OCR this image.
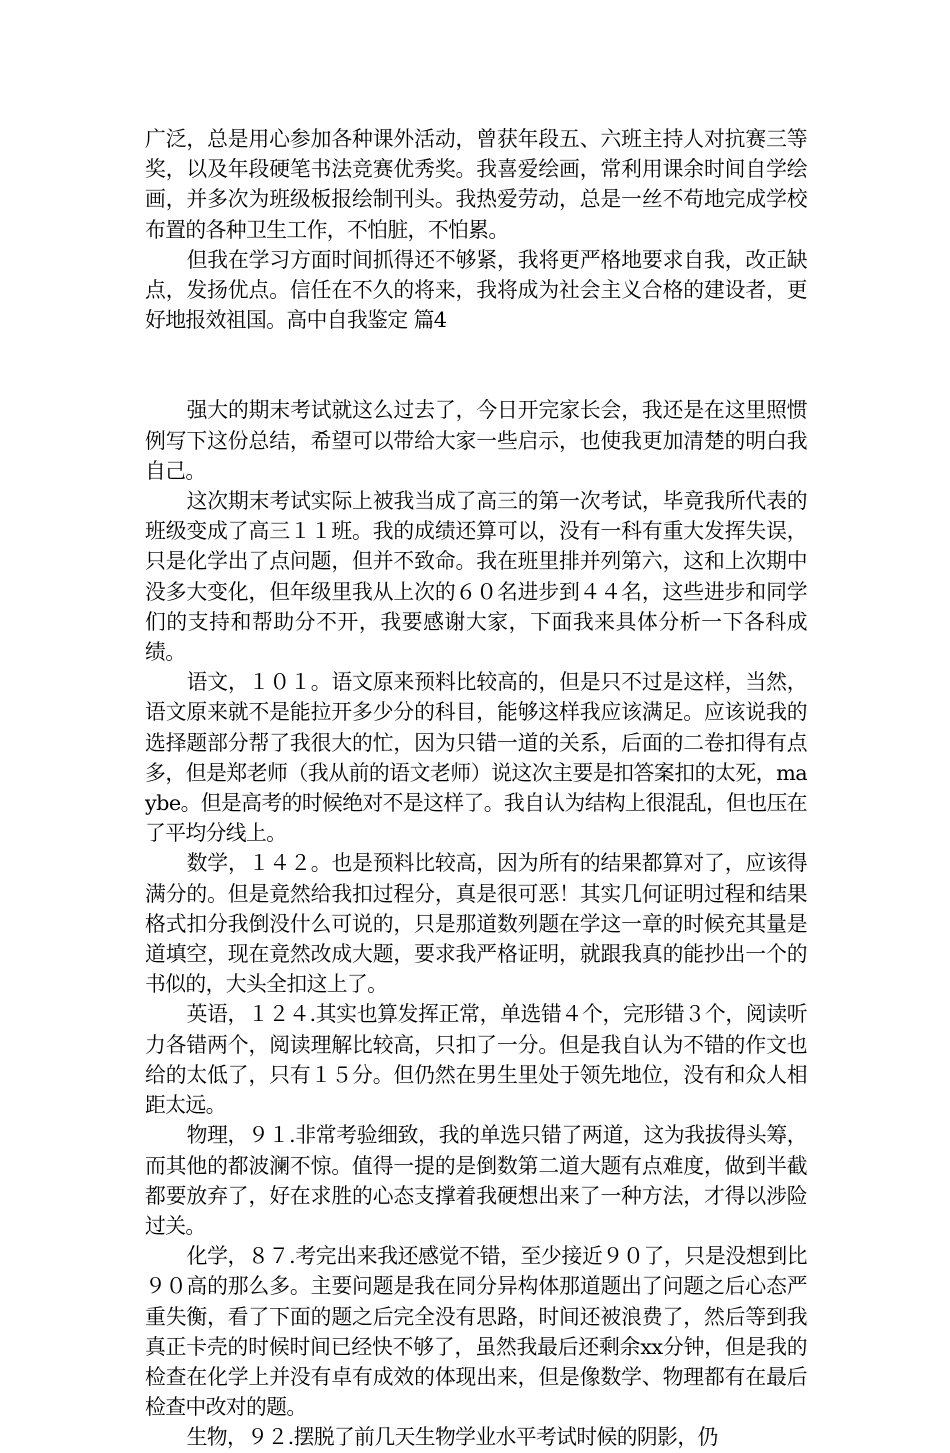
广泛，总是用心参加各种课外活动，曾获年段五、六班主持人对抗赛三等奖，以及年段硬笔书法竞赛优秀奖。我喜爱绘画，常利用课余时间自学绘画，并多次为班级板报绘制刊头。我热爱劳动，总是一丝不苟地完成学校布置的各种卫生工作，不怕脏，不怕累。

但我在学习方面时间抓得还不够紧，我将更严格地要求自我，改正缺点，发扬优点。信任在不久的将来，我将成为社会主义合格的建设者，更好地报效祖国。高中自我鉴定 篇4

强大的期末考试就这么过去了，今日开完家长会，我还是在这里照惯例写下这份总结，希望可以带给大家一些启示，也使我更加清楚的明白我自己。

这次期末考试实际上被我当成了高三的第一次考试，毕竟我所代表的班级变成了高三１１班。我的成绩还算可以，没有一科有重大发挥失误，只是化学出了点问题，但并不致命。我在班里排并列第六，这和上次期中没多大变化，但年级里我从上次的６０名进步到４４名，这些进步和同学们的支持和帮助分不开，我要感谢大家，下面我来具体分析一下各科成绩。

语文，１０１。语文原来预料比较高的，但是只不过是这样，当然，语文原来就不是能拉开多少分的科目，能够这样我应该满足。应该说我的选择题部分帮了我很大的忙，因为只错一道的关系，后面的二卷扣得有点多，但是郑老师（我从前的语文老师）说这次主要是扣答案扣的太死，maybe。但是高考的时候绝对不是这样了。我自认为结构上很混乱，但也压在了平均分线上。

数学，１４２。也是预料比较高，因为所有的结果都算对了，应该得满分的。但是竟然给我扣过程分，真是很可恶！其实几何证明过程和结果格式扣分我倒没什么可说的，只是那道数列题在学这一章的时候充其量是道填空，现在竟然改成大题，要求我严格证明，就跟我真的能抄出一个的书似的，大头全扣这上了。

英语，１２４.其实也算发挥正常，单选错４个，完形错３个，阅读听力各错两个，阅读理解比较高，只扣了一分。但是我自认为不错的作文也给的太低了，只有１５分。但仍然在男生里处于领先地位，没有和众人相距太远。

物理，９１.非常考验细致，我的单选只错了两道，这为我拔得头筹，而其他的都波澜不惊。值得一提的是倒数第二道大题有点难度，做到半截都要放弃了，好在求胜的心态支撑着我硬想出来了一种方法，才得以涉险过关。

化学，８７.考完出来我还感觉不错，至少接近９０了，只是没想到比９０高的那么多。主要问题是我在同分异构体那道题出了问题之后心态严重失衡，看了下面的题之后完全没有思路，时间还被浪费了，然后等到我真正卡壳的时候时间已经快不够了，虽然我最后还剩余xx分钟，但是我的检查在化学上并没有卓有成效的体现出来，但是像数学、物理都有在最后检查中改对的题。

生物，９２.摆脱了前几天生物学业水平考试时候的阴影，仍
